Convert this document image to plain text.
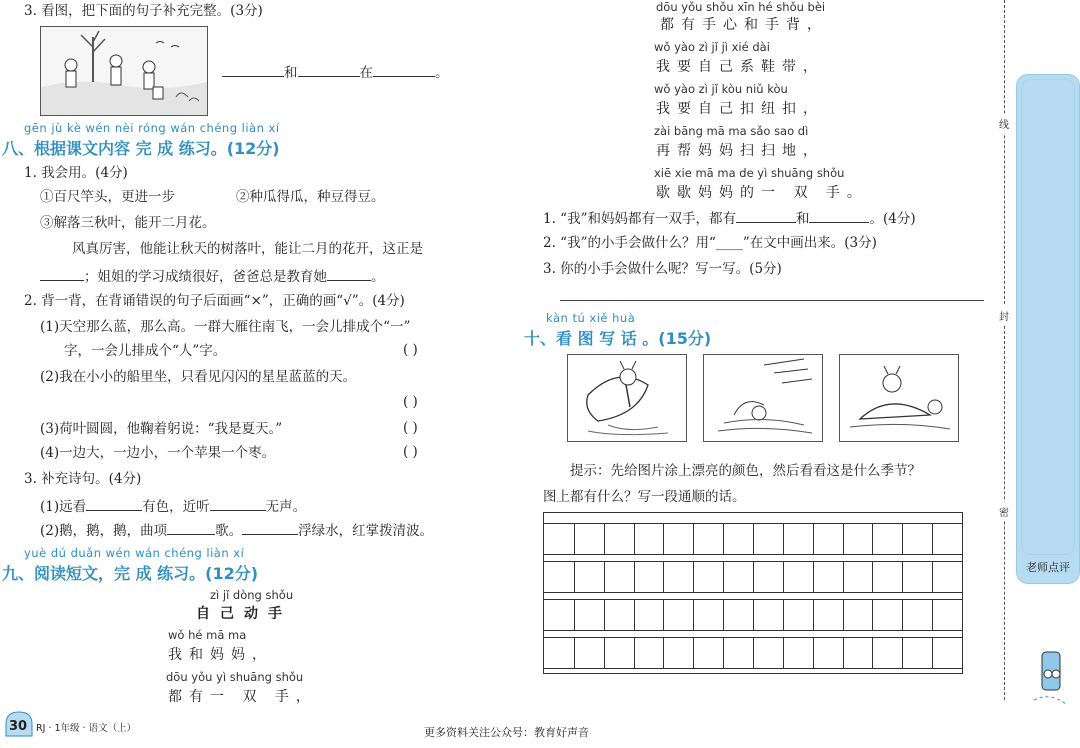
3. 看图，把下面的句子补充完整。(3分)
和	在	。
gēn jù kè wén nèi róng wán chéng liàn xí
八、根据课文内容 完 成 练习。(12分)
1. 我会用。(4分)
①百尺竿头，更进一步	②种瓜得瓜，种豆得豆。
③解落三秋叶，能开二月花。
风真厉害，他能让秋天的树落叶，能让二月的花开，这正是
；姐姐的学习成绩很好，爸爸总是教育她	。
2. 背一背，在背诵错误的句子后面画“×”，正确的画“√”。(4分)
(1)天空那么蓝，那么高。一群大雁往南飞，一会儿排成个“一”
字，一会儿排成个“人”字。	( )
(2)我在小小的船里坐，只看见闪闪的星星蓝蓝的天。
( )
(3)荷叶圆圆，他鞠着躬说：“我是夏天。”	( )
(4)一边大，一边小，一个苹果一个枣。	( )
3. 补充诗句。(4分)
(1)远看	有色，近听	无声。
(2)鹅，鹅，鹅，曲项	歌。	浮绿水，红掌拨清波。
yuè dú duǎn wén wán chéng liàn xí
九、阅读短文，完 成 练习。(12分)
zì jǐ dòng shǒu
自己动手
wǒ hé mā ma
我和妈妈，
dōu yǒu yì shuāng shǒu
都有一 双 手，
dōu yǒu shǒu xīn hé shǒu bèi
都有手心和手背，
wǒ yào zì jǐ jì xié dài
我要自己系鞋带，
wǒ yào zì jǐ kòu niǔ kòu
我要自己扣纽扣，
zài bāng mā ma sǎo sao dì
再帮妈妈扫扫地，
xiē xie mā ma de yì shuāng shǒu
歇歇妈妈的一 双 手。
1. “我”和妈妈都有一双手，都有	和	。(4分)
2. “我”的小手会做什么？用“____”在文中画出来。(3分)
3. 你的小手会做什么呢？写一写。(5分)
kàn tú xiě huà
十、看 图 写 话 。(15分)
提示：先给图片涂上漂亮的颜色，然后看看这是什么季节？
图上都有什么？写一段通顺的话。
线
封
密
老师点评
$_{30}$ RJ · 1年级 · 语文（上）	更多资料关注公众号：教育好声音
